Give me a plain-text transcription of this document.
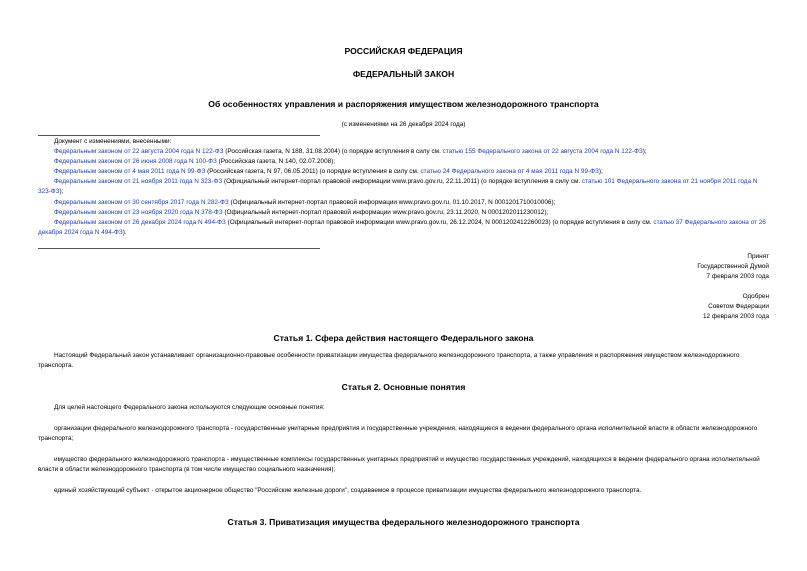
РОССИЙСКАЯ ФЕДЕРАЦИЯ
ФЕДЕРАЛЬНЫЙ ЗАКОН
Об особенностях управления и распоряжения имуществом железнодорожного транспорта
(с изменениями на 26 декабря 2024 года)
Документ с изменениями, внесенными:
Федеральным законом от 22 августа 2004 года N 122-ФЗ (Российская газета, N 188, 31.08.2004) (о порядке вступления в силу см. статью 155 Федерального закона от 22 августа 2004 года N 122-ФЗ);
Федеральным законом от 26 июня 2008 года N 100-ФЗ (Российская газета, N 140, 02.07.2008);
Федеральным законом от 4 мая 2011 года N 99-ФЗ (Российская газета, N 97, 06.05.2011) (о порядке вступления в силу см. статью 24 Федерального закона от 4 мая 2011 года N 99-ФЗ);
Федеральным законом от 21 ноября 2011 года N 323-ФЗ (Официальный интернет-портал правовой информации www.pravo.gov.ru, 22.11.2011) (о порядке вступления в силу см. статью 101 Федерального закона от 21 ноября 2011 года N 323-ФЗ);
Федеральным законом от 30 сентября 2017 года N 282-ФЗ (Официальный интернет-портал правовой информации www.pravo.gov.ru, 01.10.2017, N 0001201710010006);
Федеральным законом от 23 ноября 2020 года N 378-ФЗ (Официальный интернет-портал правовой информации www.pravo.gov.ru, 23.11.2020, N 0001202011230012);
Федеральным законом от 26 декабря 2024 года N 494-ФЗ (Официальный интернет-портал правовой информации www.pravo.gov.ru, 26.12.2024, N 0001202412260023) (о порядке вступления в силу см. статью 37 Федерального закона от 26 декабря 2024 года N 494-ФЗ).
Принят
Государственной Думой
7 февраля 2003 года
Одобрен
Советом Федерации
12 февраля 2003 года
Статья 1. Сфера действия настоящего Федерального закона
Настоящий Федеральный закон устанавливает организационно-правовые особенности приватизации имущества федерального железнодорожного транспорта, а также управления и распоряжения имуществом железнодорожного транспорта.
Статья 2. Основные понятия
Для целей настоящего Федерального закона используются следующие основные понятия:
организации федерального железнодорожного транспорта - государственные унитарные предприятия и государственные учреждения, находящиеся в ведении федерального органа исполнительной власти в области железнодорожного транспорта;
имущество федерального железнодорожного транспорта - имущественные комплексы государственных унитарных предприятий и имущество государственных учреждений, находящихся в ведении федерального органа исполнительной власти в области железнодорожного транспорта (в том числе имущество социального назначения);
единый хозяйствующий субъект - открытое акционерное общество "Российские железные дороги", создаваемое в процессе приватизации имущества федерального железнодорожного транспорта.
Статья 3. Приватизация имущества федерального железнодорожного транспорта
